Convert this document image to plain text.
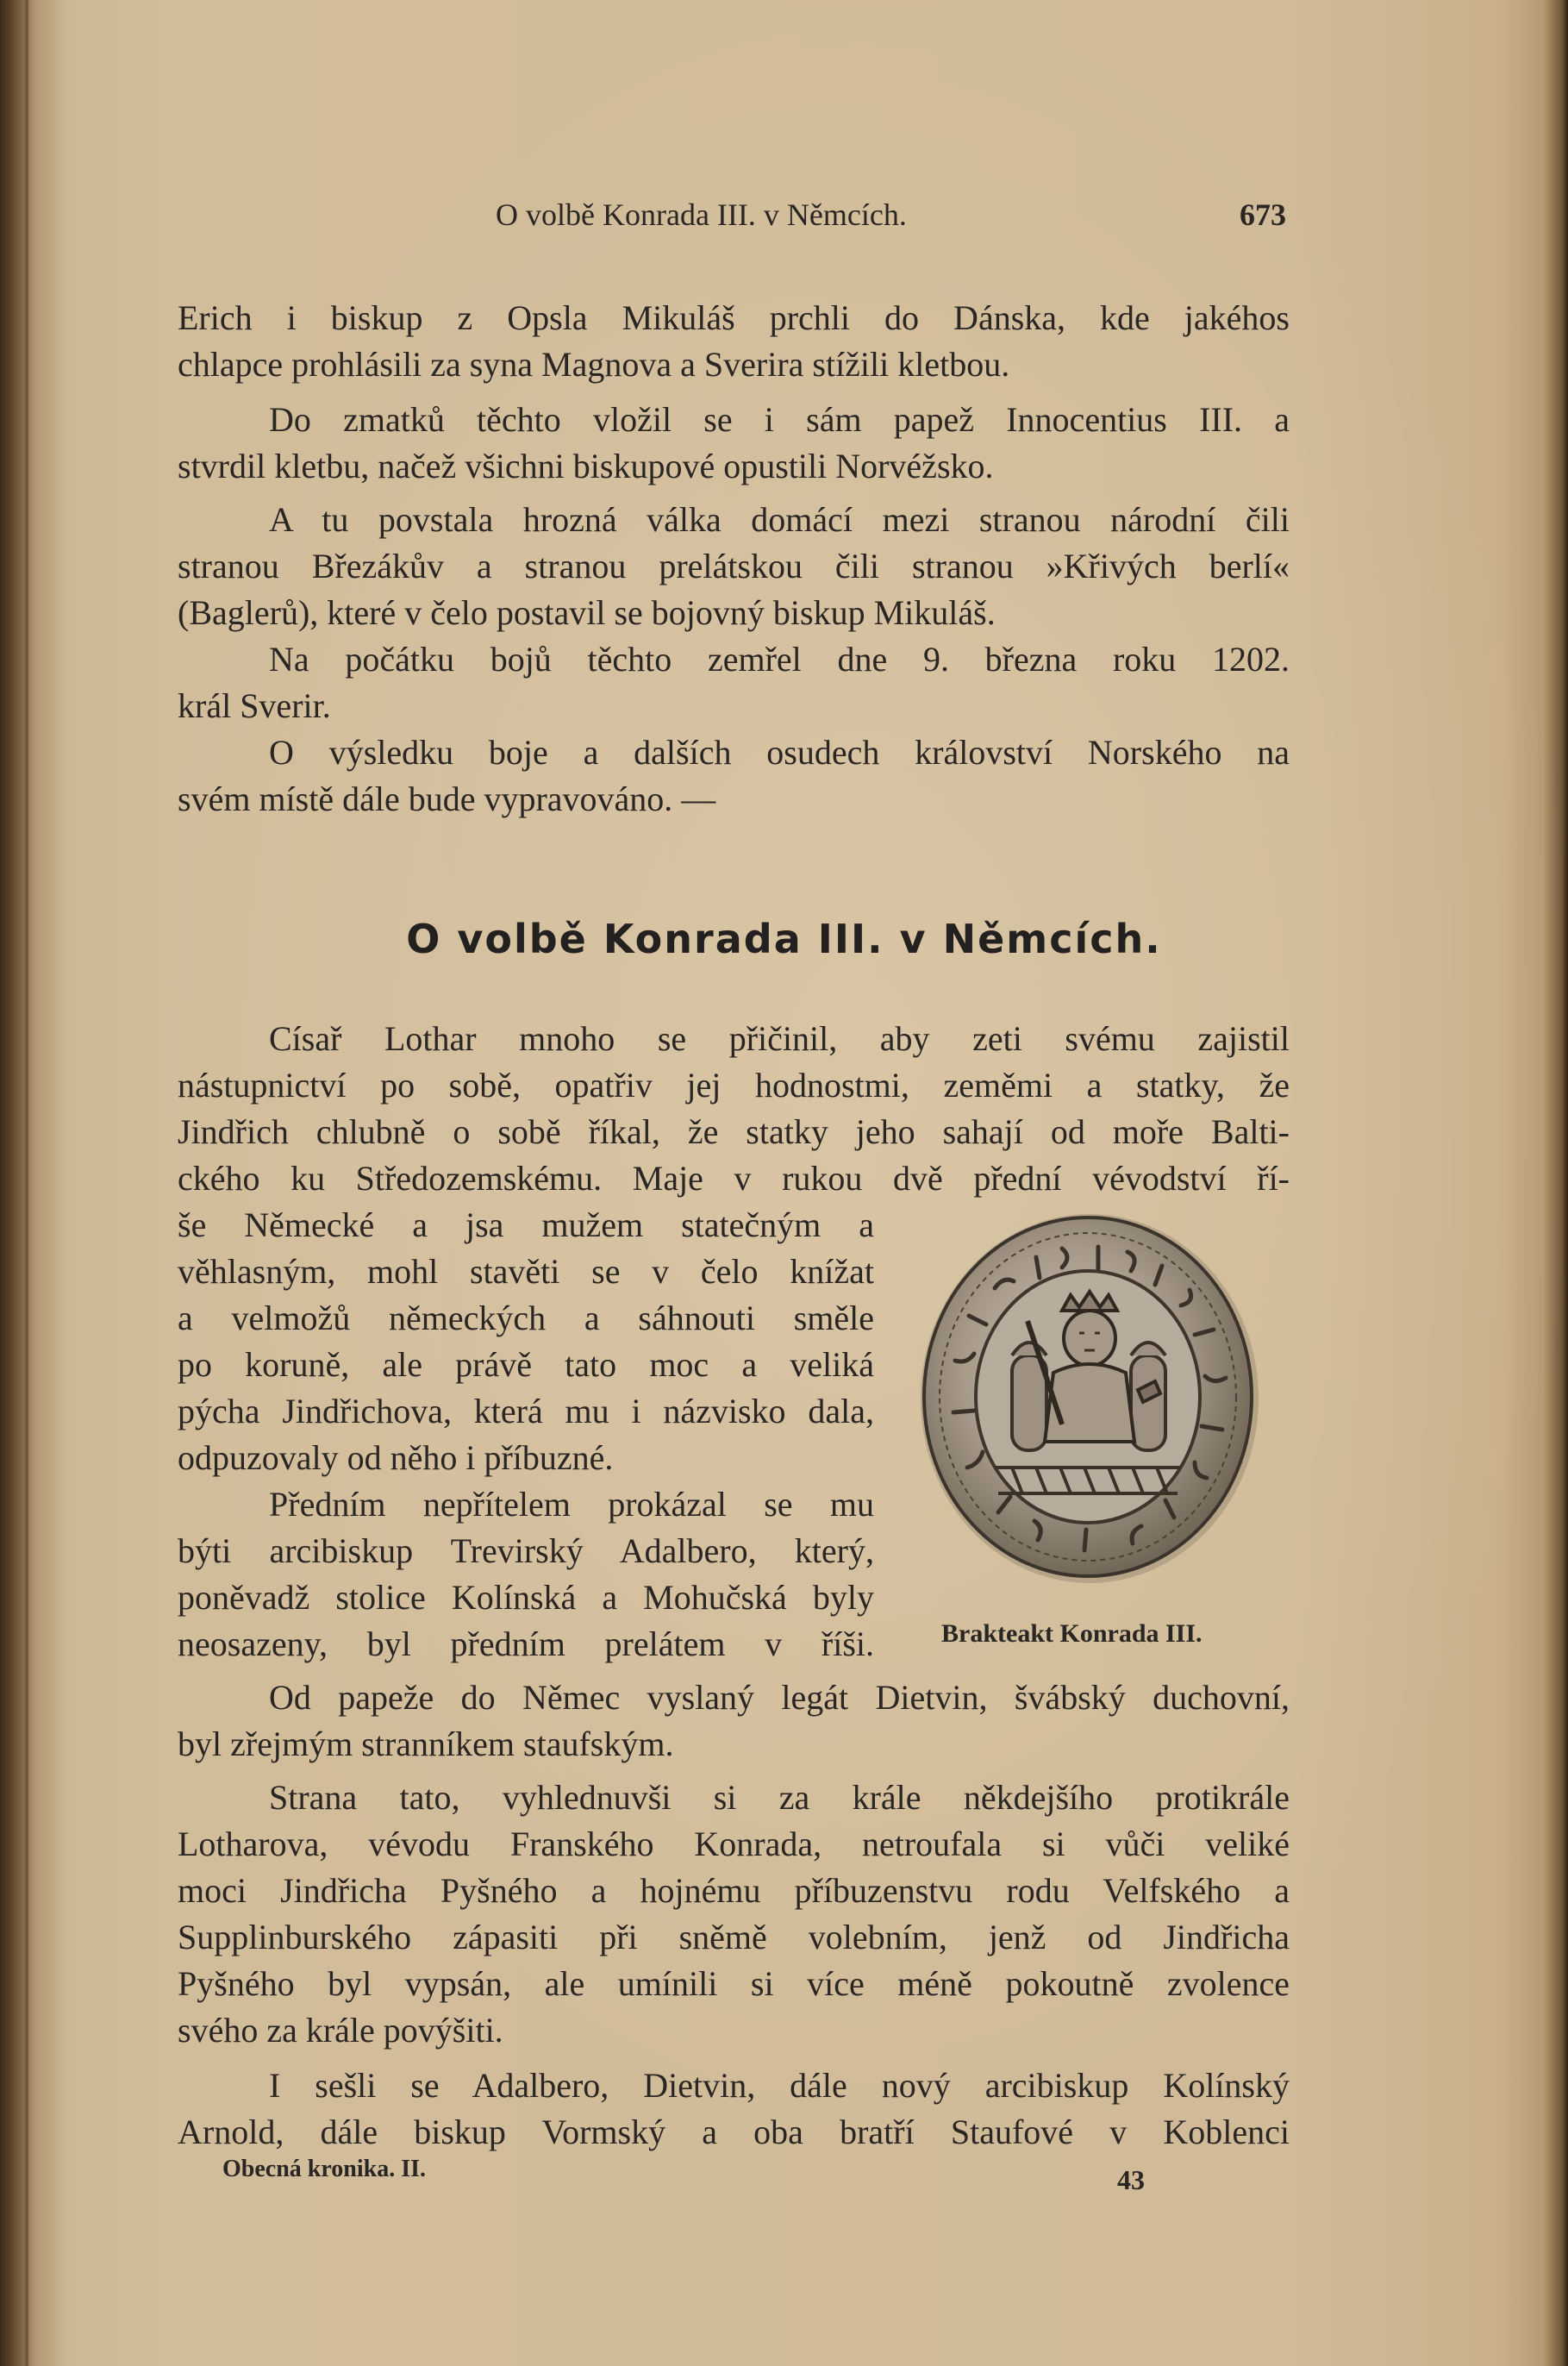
O volbě Konrada III. v Němcích.	673
Erich i biskup z Opsla Mikuláš prchli do Dánska, kde jakéhos
chlapce prohlásili za syna Magnova a Sverira stížili kletbou.
Do zmatků těchto vložil se i sám papež Innocentius III. a
stvrdil kletbu, načež všichni biskupové opustili Norvéžsko.
A tu povstala hrozná válka domácí mezi stranou národní čili
stranou Březákův a stranou prelátskou čili stranou »Křivých berlí«
(Baglerů), které v čelo postavil se bojovný biskup Mikuláš.
Na počátku bojů těchto zemřel dne 9. března roku 1202.
král Sverir.
O výsledku boje a dalších osudech království Norského na
svém místě dále bude vypravováno. —
O volbě Konrada III. v Němcích.
Císař Lothar mnoho se přičinil, aby zeti svému zajistil
nástupnictví po sobě, opatřiv jej hodnostmi, zeměmi a statky, že
Jindřich chlubně o sobě říkal, že statky jeho sahají od moře Balti-
ckého ku Středozemskému. Maje v rukou dvě přední vévodství ří-
še Německé a jsa mužem statečným a
věhlasným, mohl stavěti se v čelo knížat
a velmožů německých a sáhnouti směle
po koruně, ale právě tato moc a veliká
pýcha Jindřichova, která mu i názvisko dala,
odpuzovaly od něho i příbuzné.
Předním nepřítelem prokázal se mu
býti arcibiskup Trevirský Adalbero, který,
poněvadž stolice Kolínská a Mohučská byly
neosazeny, byl předním prelátem v říši.	Brakteakt Konrada III.
Od papeže do Němec vyslaný legát Dietvin, švábský duchovní,
byl zřejmým stranníkem staufským.
Strana tato, vyhlednuvši si za krále někdejšího protikrále
Lotharova, vévodu Franského Konrada, netroufala si vůči veliké
moci Jindřicha Pyšného a hojnému příbuzenstvu rodu Velfského a
Supplinburského zápasiti při sněmě volebním, jenž od Jindřicha
Pyšného byl vypsán, ale umínili si více méně pokoutně zvolence
svého za krále povýšiti.
I sešli se Adalbero, Dietvin, dále nový arcibiskup Kolínský
Arnold, dále biskup Vormský a oba bratří Staufové v Koblenci
Obecná kronika. II.	43
